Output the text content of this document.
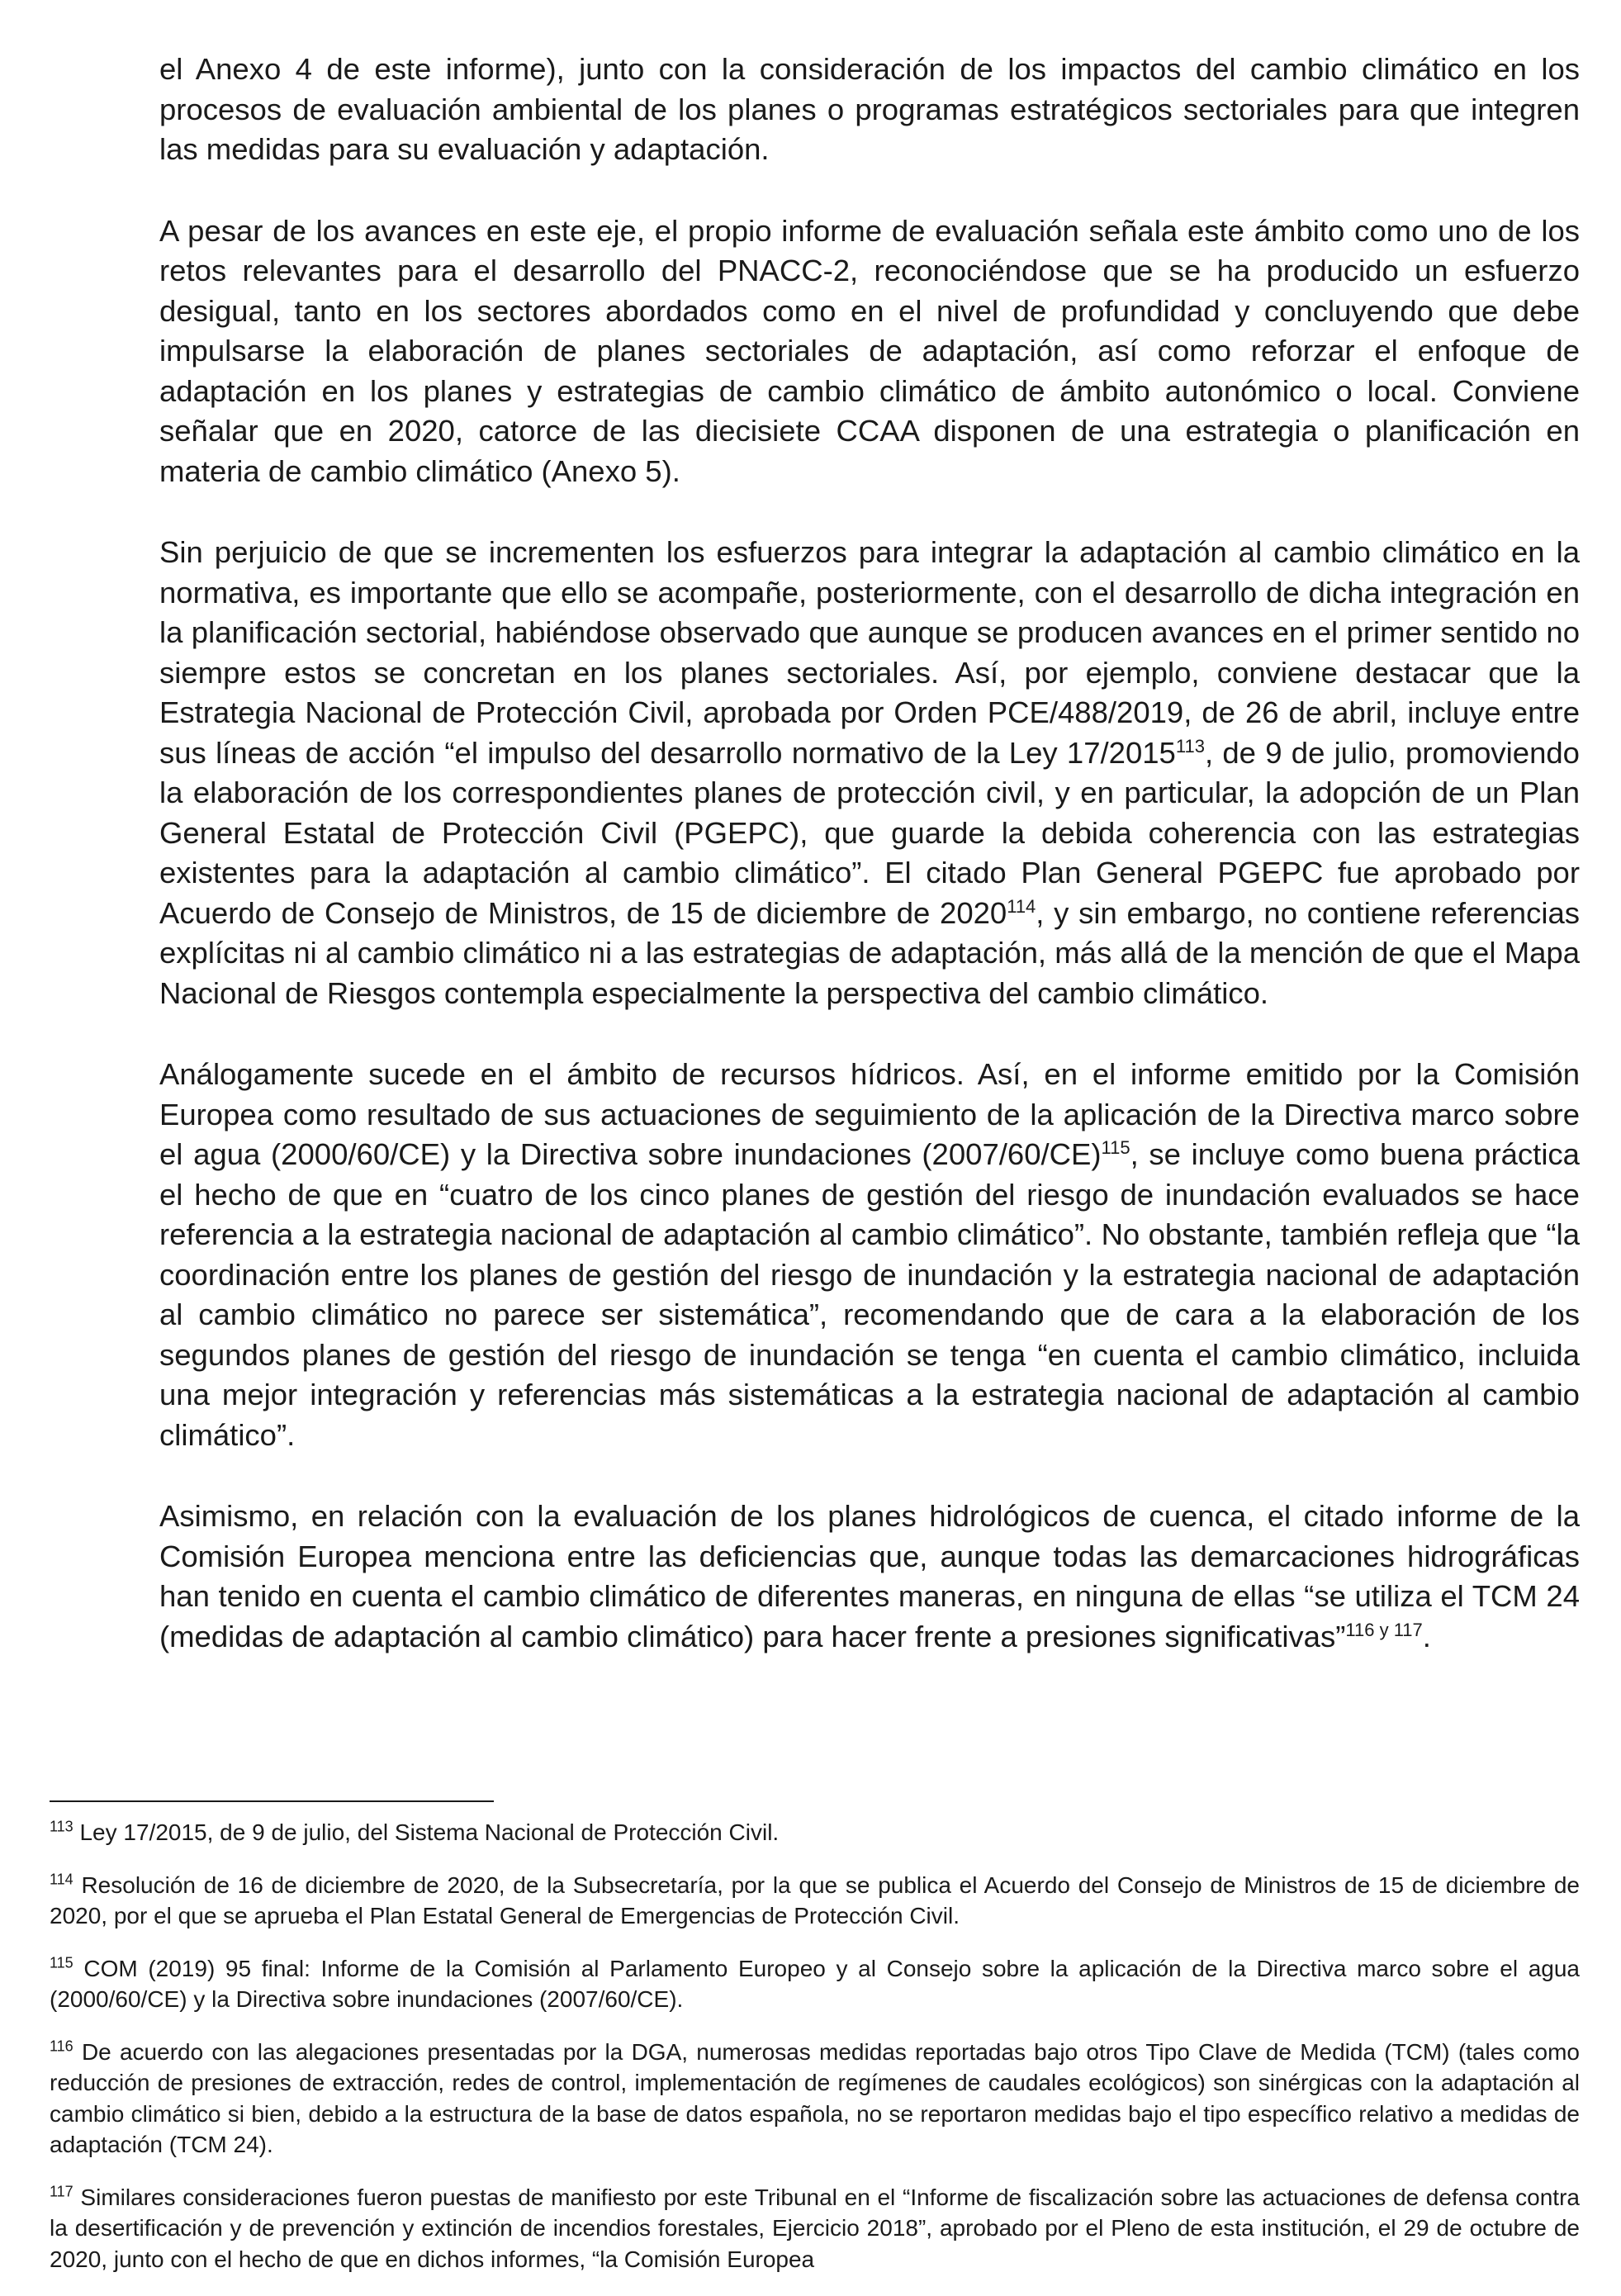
el Anexo 4 de este informe), junto con la consideración de los impactos del cambio climático en los procesos de evaluación ambiental de los planes o programas estratégicos sectoriales para que integren las medidas para su evaluación y adaptación.

A pesar de los avances en este eje, el propio informe de evaluación señala este ámbito como uno de los retos relevantes para el desarrollo del PNACC-2, reconociéndose que se ha producido un esfuerzo desigual, tanto en los sectores abordados como en el nivel de profundidad y concluyendo que debe impulsarse la elaboración de planes sectoriales de adaptación, así como reforzar el enfoque de adaptación en los planes y estrategias de cambio climático de ámbito autonómico o local. Conviene señalar que en 2020, catorce de las diecisiete CCAA disponen de una estrategia o planificación en materia de cambio climático (Anexo 5).

Sin perjuicio de que se incrementen los esfuerzos para integrar la adaptación al cambio climático en la normativa, es importante que ello se acompañe, posteriormente, con el desarrollo de dicha integración en la planificación sectorial, habiéndose observado que aunque se producen avances en el primer sentido no siempre estos se concretan en los planes sectoriales. Así, por ejemplo, conviene destacar que la Estrategia Nacional de Protección Civil, aprobada por Orden PCE/488/2019, de 26 de abril, incluye entre sus líneas de acción “el impulso del desarrollo normativo de la Ley 17/2015$^{113}$, de 9 de julio, promoviendo la elaboración de los correspondientes planes de protección civil, y en particular, la adopción de un Plan General Estatal de Protección Civil (PGEPC), que guarde la debida coherencia con las estrategias existentes para la adaptación al cambio climático”. El citado Plan General PGEPC fue aprobado por Acuerdo de Consejo de Ministros, de 15 de diciembre de 2020$^{114}$, y sin embargo, no contiene referencias explícitas ni al cambio climático ni a las estrategias de adaptación, más allá de la mención de que el Mapa Nacional de Riesgos contempla especialmente la perspectiva del cambio climático.

Análogamente sucede en el ámbito de recursos hídricos. Así, en el informe emitido por la Comisión Europea como resultado de sus actuaciones de seguimiento de la aplicación de la Directiva marco sobre el agua (2000/60/CE) y la Directiva sobre inundaciones $(2007/60/CE)^{115}$, se incluye como buena práctica el hecho de que en “cuatro de los cinco planes de gestión del riesgo de inundación evaluados se hace referencia a la estrategia nacional de adaptación al cambio climático”. No obstante, también refleja que “la coordinación entre los planes de gestión del riesgo de inundación y la estrategia nacional de adaptación al cambio climático no parece ser sistemática”, recomendando que de cara a la elaboración de los segundos planes de gestión del riesgo de inundación se tenga “en cuenta el cambio climático, incluida una mejor integración y referencias más sistemáticas a la estrategia nacional de adaptación al cambio climático”.

Asimismo, en relación con la evaluación de los planes hidrológicos de cuenca, el citado informe de la Comisión Europea menciona entre las deficiencias que, aunque todas las demarcaciones hidrográficas han tenido en cuenta el cambio climático de diferentes maneras, en ninguna de ellas “se utiliza el TCM 24 (medidas de adaptación al cambio climático) para hacer frente a presiones significativas”$^{116 y 117}$.

$^{113}$ Ley 17/2015, de 9 de julio, del Sistema Nacional de Protección Civil.

$^{114}$ Resolución de 16 de diciembre de 2020, de la Subsecretaría, por la que se publica el Acuerdo del Consejo de Ministros de 15 de diciembre de 2020, por el que se aprueba el Plan Estatal General de Emergencias de Protección Civil.

$^{115}$ COM (2019) 95 final: Informe de la Comisión al Parlamento Europeo y al Consejo sobre la aplicación de la Directiva marco sobre el agua (2000/60/CE) y la Directiva sobre inundaciones (2007/60/CE).

$^{116}$ De acuerdo con las alegaciones presentadas por la DGA, numerosas medidas reportadas bajo otros Tipo Clave de Medida (TCM) (tales como reducción de presiones de extracción, redes de control, implementación de regímenes de caudales ecológicos) son sinérgicas con la adaptación al cambio climático si bien, debido a la estructura de la base de datos española, no se reportaron medidas bajo el tipo específico relativo a medidas de adaptación (TCM 24).

$^{117}$ Similares consideraciones fueron puestas de manifiesto por este Tribunal en el “Informe de fiscalización sobre las actuaciones de defensa contra la desertificación y de prevención y extinción de incendios forestales, Ejercicio 2018”, aprobado por el Pleno de esta institución, el 29 de octubre de 2020, junto con el hecho de que en dichos informes, “la Comisión Europea
